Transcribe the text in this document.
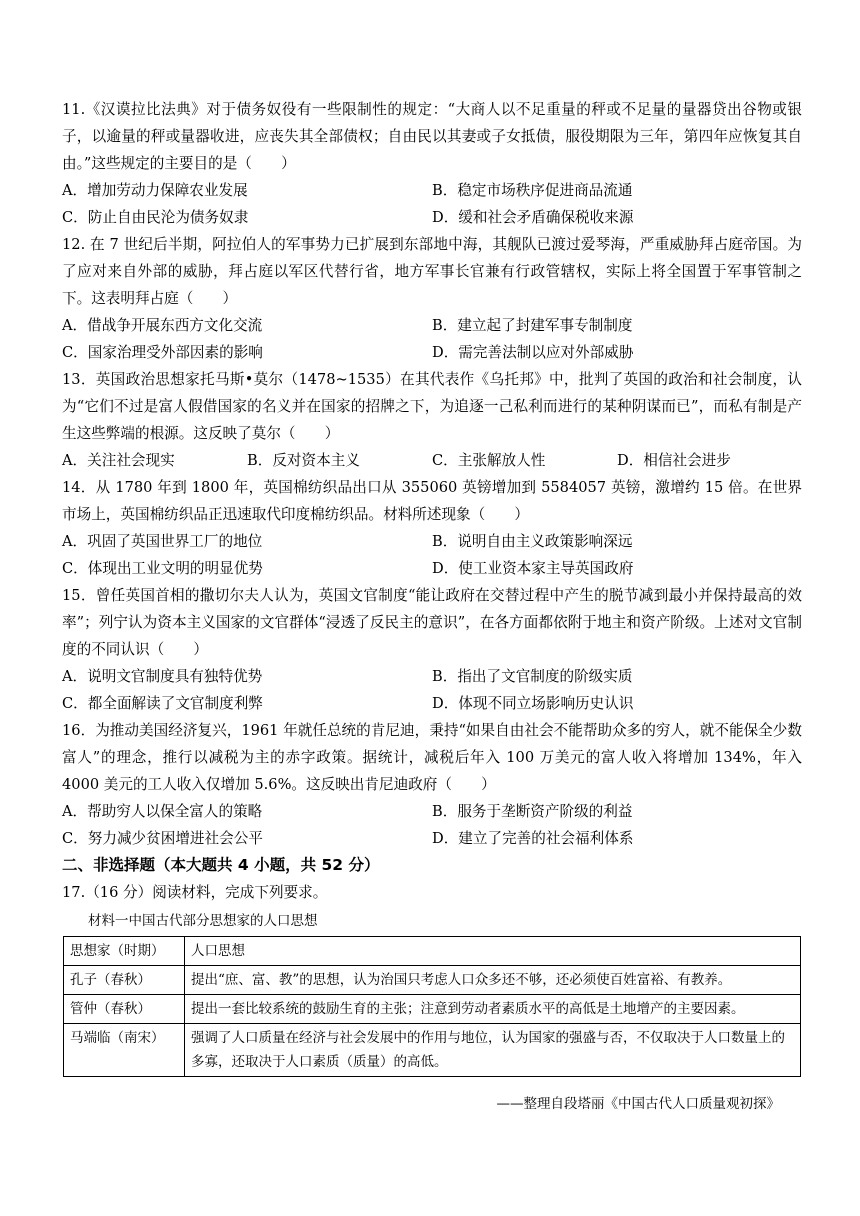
11.《汉谟拉比法典》对于债务奴役有一些限制性的规定：“大商人以不足重量的秤或不足量的量器贷出谷物或银子，以逾量的秤或量器收进，应丧失其全部债权；自由民以其妻或子女抵债，服役期限为三年，第四年应恢复其自由。”这些规定的主要目的是（　　）

A．增加劳动力保障农业发展	B．稳定市场秩序促进商品流通
C．防止自由民沦为债务奴隶	D．缓和社会矛盾确保税收来源

12. 在 7 世纪后半期，阿拉伯人的军事势力已扩展到东部地中海，其舰队已渡过爱琴海，严重威胁拜占庭帝国。为了应对来自外部的威胁，拜占庭以军区代替行省，地方军事长官兼有行政管辖权，实际上将全国置于军事管制之下。这表明拜占庭（　　）

A．借战争开展东西方文化交流	B．建立起了封建军事专制制度
C．国家治理受外部因素的影响	D．需完善法制以应对外部威胁

13．英国政治思想家托马斯•莫尔（1478~1535）在其代表作《乌托邦》中，批判了英国的政治和社会制度，认为“它们不过是富人假借国家的名义并在国家的招牌之下，为追逐一己私利而进行的某种阴谋而已”，而私有制是产生这些弊端的根源。这反映了莫尔（　　）

A．关注社会现实	B．反对资本主义	C．主张解放人性	D．相信社会进步

14．从 1780 年到 1800 年，英国棉纺织品出口从 355060 英镑增加到 5584057 英镑，激增约 15 倍。在世界市场上，英国棉纺织品正迅速取代印度棉纺织品。材料所述现象（　　）

A．巩固了英国世界工厂的地位	B．说明自由主义政策影响深远
C．体现出工业文明的明显优势	D．使工业资本家主导英国政府

15．曾任英国首相的撒切尔夫人认为，英国文官制度“能让政府在交替过程中产生的脱节减到最小并保持最高的效率”；列宁认为资本主义国家的文官群体“浸透了反民主的意识”，在各方面都依附于地主和资产阶级。上述对文官制度的不同认识（　　）

A．说明文官制度具有独特优势	B．指出了文官制度的阶级实质
C．都全面解读了文官制度利弊	D．体现不同立场影响历史认识

16．为推动美国经济复兴，1961 年就任总统的肯尼迪，秉持“如果自由社会不能帮助众多的穷人，就不能保全少数富人”的理念，推行以减税为主的赤字政策。据统计，减税后年入 100 万美元的富人收入将增加 134%，年入 4000 美元的工人收入仅增加 5.6%。这反映出肯尼迪政府（　　）

A．帮助穷人以保全富人的策略	B．服务于垄断资产阶级的利益
C．努力减少贫困增进社会公平	D．建立了完善的社会福利体系

二、非选择题（本大题共 4 小题，共 52 分）

17.（16 分）阅读材料，完成下列要求。

材料一中国古代部分思想家的人口思想

思想家（时期）	人口思想
孔子（春秋）	提出“庶、富、教”的思想，认为治国只考虑人口众多还不够，还必须使百姓富裕、有教养。
管仲（春秋）	提出一套比较系统的鼓励生育的主张；注意到劳动者素质水平的高低是土地增产的主要因素。
马端临（南宋）	强调了人口质量在经济与社会发展中的作用与地位，认为国家的强盛与否，不仅取决于人口数量上的多寡，还取决于人口素质（质量）的高低。

——整理自段塔丽《中国古代人口质量观初探》
